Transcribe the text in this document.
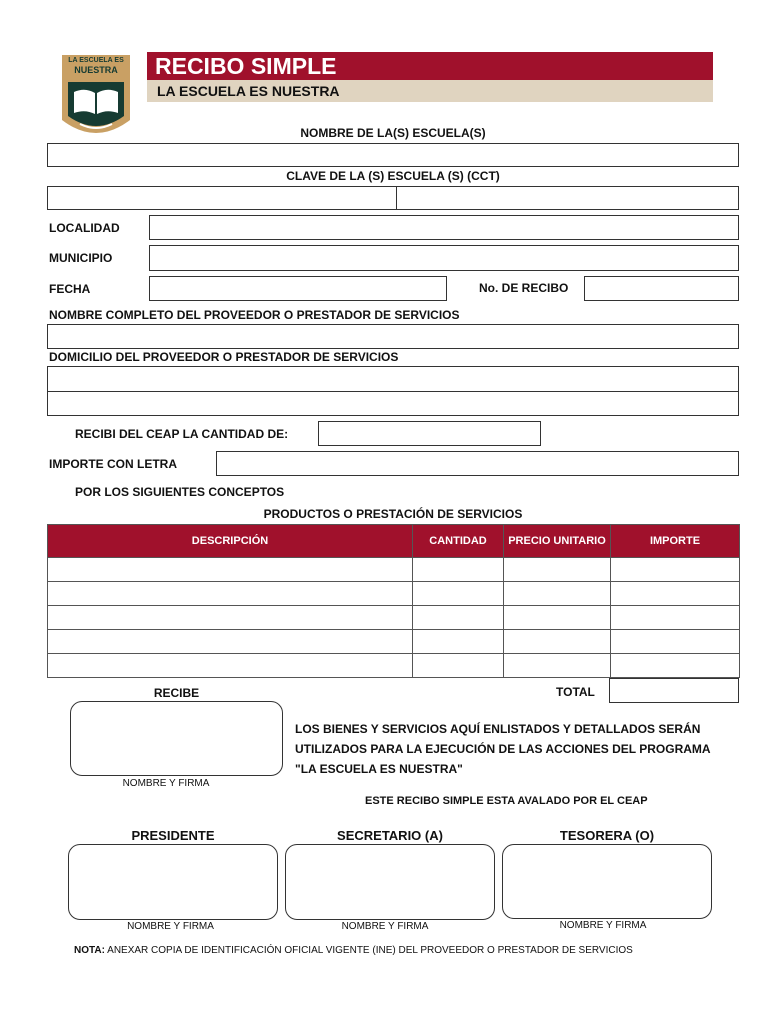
LA ESCUELA ES
NUESTRA	RECIBO SIMPLE
LA ESCUELA ES NUESTRA
NOMBRE DE LA(S) ESCUELA(S)
CLAVE DE LA (S) ESCUELA (S) (CCT)
LOCALIDAD
MUNICIPIO
FECHA	No. DE RECIBO
NOMBRE COMPLETO DEL PROVEEDOR O PRESTADOR DE SERVICIOS
DOMICILIO DEL PROVEEDOR O PRESTADOR DE SERVICIOS
RECIBI DEL CEAP LA CANTIDAD DE:
IMPORTE CON LETRA
POR LOS SIGUIENTES CONCEPTOS
PRODUCTOS O PRESTACIÓN DE SERVICIOS
DESCRIPCIÓN	CANTIDAD	PRECIO UNITARIO	IMPORTE

TOTAL
RECIBE
NOMBRE Y FIRMA
LOS BIENES Y SERVICIOS AQUÍ ENLISTADOS Y DETALLADOS SERÁN
UTILIZADOS PARA LA EJECUCIÓN DE LAS ACCIONES DEL PROGRAMA
"LA ESCUELA ES NUESTRA"
ESTE RECIBO SIMPLE ESTA AVALADO POR EL CEAP
PRESIDENTE
NOMBRE Y FIRMA
SECRETARIO (A)
NOMBRE Y FIRMA
TESORERA (O)
NOMBRE Y FIRMA
NOTA: ANEXAR COPIA DE IDENTIFICACIÓN OFICIAL VIGENTE (INE) DEL PROVEEDOR O PRESTADOR DE SERVICIOS
